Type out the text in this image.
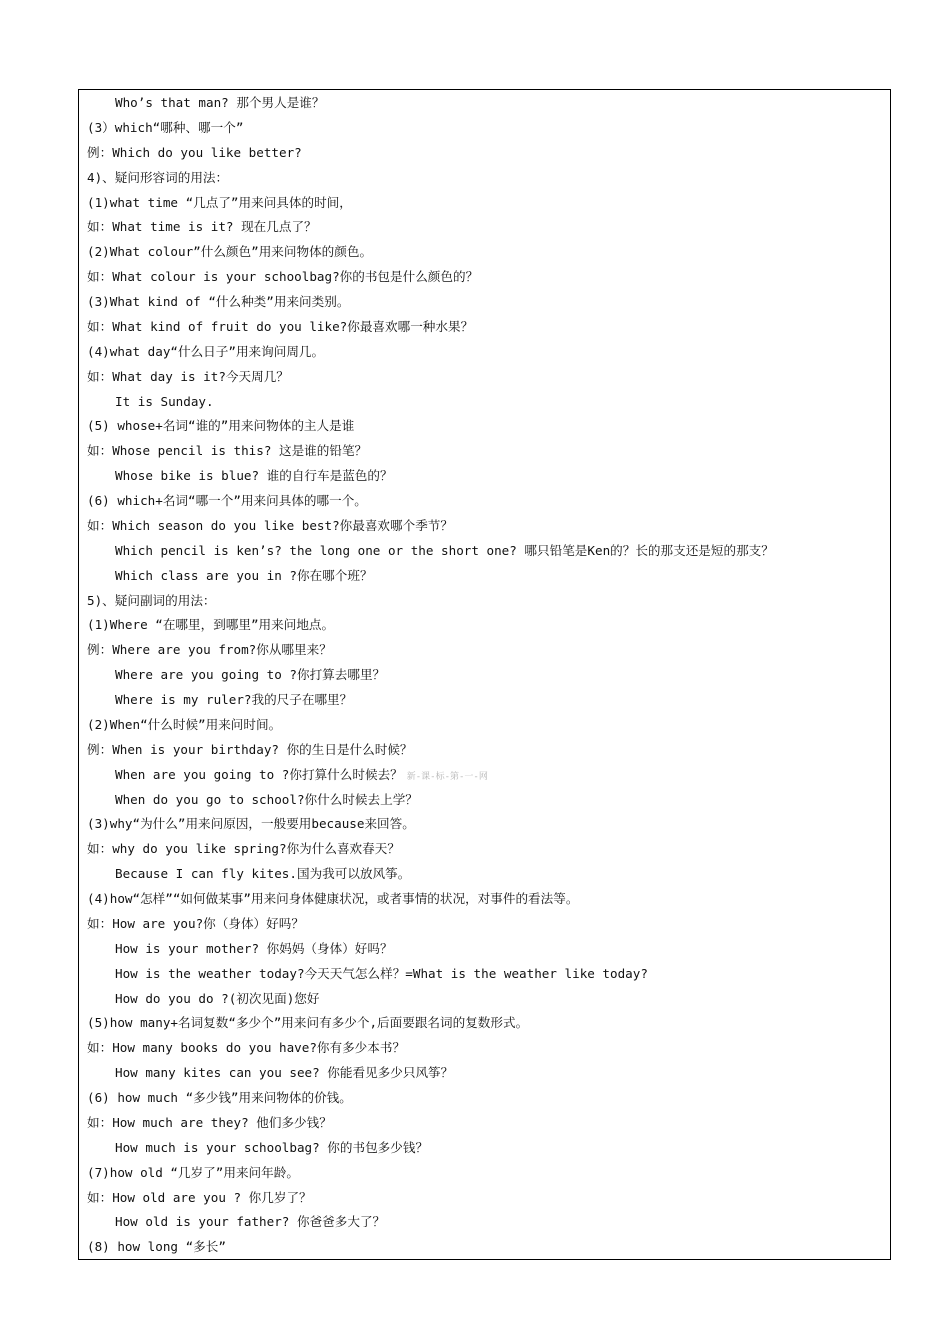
Who’s that man? 那个男人是谁？
(3）which“哪种、哪一个”
例：Which do you like better?
4)、疑问形容词的用法：
(1)what time “几点了”用来问具体的时间，
如：What time is it? 现在几点了？
(2)What colour”什么颜色”用来问物体的颜色。
如：What colour is your schoolbag?你的书包是什么颜色的？
(3)What kind of “什么种类”用来问类别。
如：What kind of fruit do you like?你最喜欢哪一种水果？
(4)what day“什么日子”用来询问周几。
如：What day is it?今天周几？
It is Sunday.
(5) whose+名词“谁的”用来问物体的主人是谁
如：Whose pencil is this? 这是谁的铅笔？
Whose bike is blue? 谁的自行车是蓝色的？
(6) which+名词“哪一个”用来问具体的哪一个。
如：Which season do you like best?你最喜欢哪个季节？
Which pencil is ken’s? the long one or the short one? 哪只铅笔是Ken的？长的那支还是短的那支？
Which class are you in ?你在哪个班？
5)、疑问副词的用法：
(1)Where “在哪里，到哪里”用来问地点。
例：Where are you from?你从哪里来？
Where are you going to ?你打算去哪里？
Where is my ruler?我的尺子在哪里？
(2)When“什么时候”用来问时间。
例：When is your birthday? 你的生日是什么时候？
When are you going to ?你打算什么时候去？ 新-课-标-第-一-网
When do you go to school?你什么时候去上学？
(3)why“为什么”用来问原因，一般要用because来回答。
如：why do you like spring?你为什么喜欢春天？
Because I can fly kites.国为我可以放风筝。
(4)how“怎样”“如何做某事”用来问身体健康状况，或者事情的状况，对事件的看法等。
如：How are you?你（身体）好吗？
How is your mother? 你妈妈（身体）好吗？
How is the weather today?今天天气怎么样？=What is the weather like today?
How do you do ?(初次见面)您好
(5)how many+名词复数“多少个”用来问有多少个,后面要跟名词的复数形式。
如：How many books do you have?你有多少本书？
How many kites can you see? 你能看见多少只风筝？
(6) how much “多少钱”用来问物体的价钱。
如：How much are they? 他们多少钱？
How much is your schoolbag? 你的书包多少钱？
(7)how old “几岁了”用来问年龄。
如：How old are you ? 你几岁了？
How old is your father? 你爸爸多大了？
(8) how long “多长”
